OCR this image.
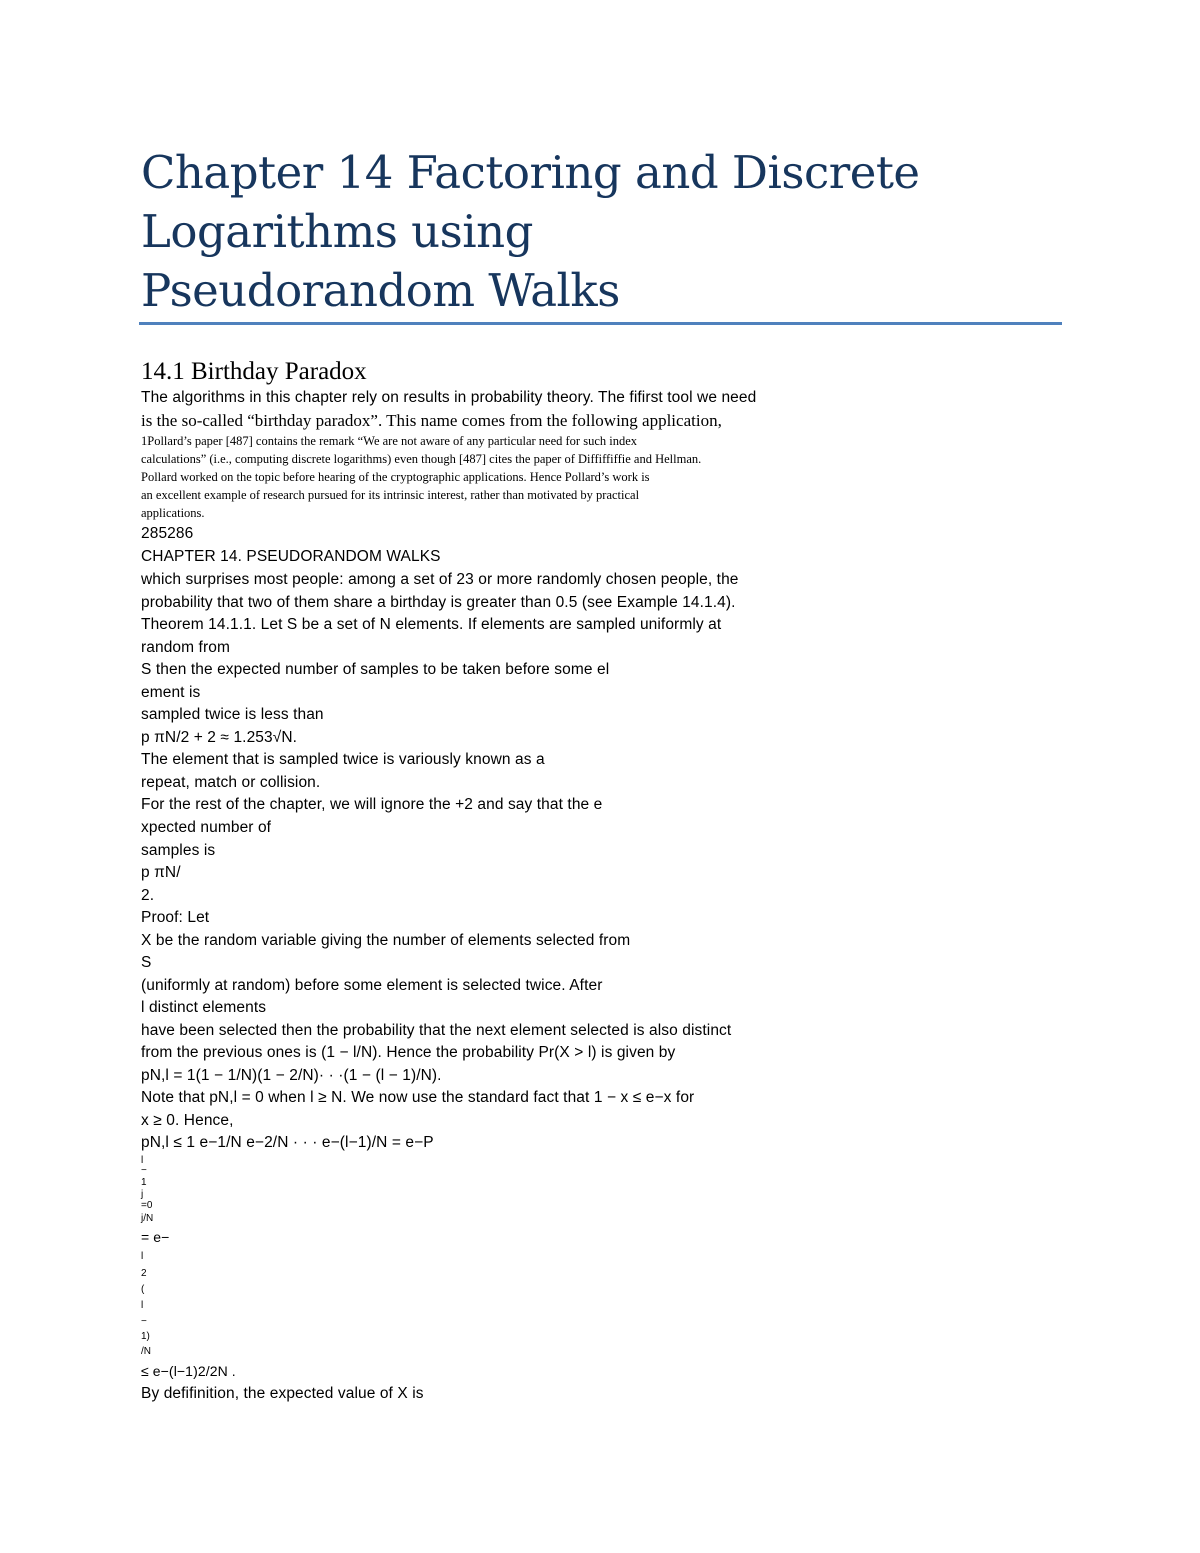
Chapter 14 Factoring and Discrete
Logarithms using
Pseudorandom Walks
14.1 Birthday Paradox
The algorithms in this chapter rely on results in probability theory. The fifirst tool we need
is the so-called “birthday paradox”. This name comes from the following application,
1Pollard’s paper [487] contains the remark “We are not aware of any particular need for such index
calculations” (i.e., computing discrete logarithms) even though [487] cites the paper of Diffiffiffie and Hellman.
Pollard worked on the topic before hearing of the cryptographic applications. Hence Pollard’s work is
an excellent example of research pursued for its intrinsic interest, rather than motivated by practical
applications.
285286
CHAPTER 14. PSEUDORANDOM WALKS
which surprises most people: among a set of 23 or more randomly chosen people, the
probability that two of them share a birthday is greater than 0.5 (see Example 14.1.4).
Theorem 14.1.1. Let S be a set of N elements. If elements are sampled uniformly at
random from
S then the expected number of samples to be taken before some el
ement is
sampled twice is less than
p πN/2 + 2 ≈ 1.253√N.
The element that is sampled twice is variously known as a
repeat, match or collision.
For the rest of the chapter, we will ignore the +2 and say that the e
xpected number of
samples is
p πN/
2.
Proof: Let
X be the random variable giving the number of elements selected from
S
(uniformly at random) before some element is selected twice. After
l distinct elements
have been selected then the probability that the next element selected is also distinct
from the previous ones is (1 − l/N). Hence the probability Pr(X > l) is given by
pN,l = 1(1 − 1/N)(1 − 2/N)· · ·(1 − (l − 1)/N).
Note that pN,l = 0 when l ≥ N. We now use the standard fact that 1 − x ≤ e−x for
x ≥ 0. Hence,
pN,l ≤ 1 e−1/N e−2/N · · · e−(l−1)/N = e−P
l
−
1
j
=0
j/N
= e−
l
2
(
l
−
1)
/N
≤ e−(l−1)2/2N .
By defifinition, the expected value of X is
